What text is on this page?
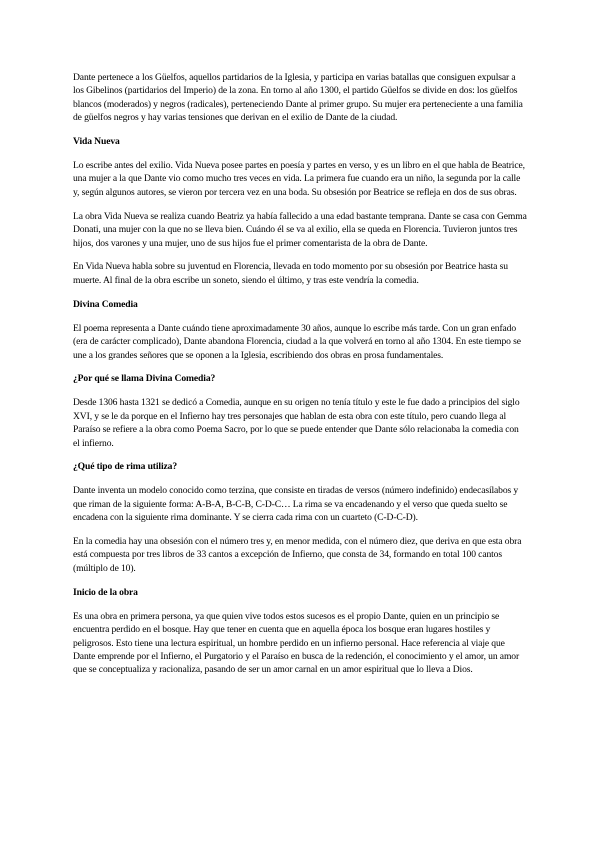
Dante pertenece a los Güelfos, aquellos partidarios de la Iglesia, y participa en varias batallas que consiguen expulsar a los Gibelinos (partidarios del Imperio) de la zona. En torno al año 1300, el partido Güelfos se divide en dos: los güelfos blancos (moderados) y negros (radicales), perteneciendo Dante al primer grupo. Su mujer era perteneciente a una familia de güelfos negros y hay varias tensiones que derivan en el exilio de Dante de la ciudad.

Vida Nueva

Lo escribe antes del exilio. Vida Nueva posee partes en poesía y partes en verso, y es un libro en el que habla de Beatrice, una mujer a la que Dante vio como mucho tres veces en vida. La primera fue cuando era un niño, la segunda por la calle y, según algunos autores, se vieron por tercera vez en una boda. Su obsesión por Beatrice se refleja en dos de sus obras.

La obra Vida Nueva se realiza cuando Beatriz ya había fallecido a una edad bastante temprana. Dante se casa con Gemma Donati, una mujer con la que no se lleva bien. Cuándo él se va al exilio, ella se queda en Florencia. Tuvieron juntos tres hijos, dos varones y una mujer, uno de sus hijos fue el primer comentarista de la obra de Dante.

En Vida Nueva habla sobre su juventud en Florencia, llevada en todo momento por su obsesión por Beatrice hasta su muerte. Al final de la obra escribe un soneto, siendo el último, y tras este vendría la comedia.

Divina Comedia

El poema representa a Dante cuándo tiene aproximadamente 30 años, aunque lo escribe más tarde. Con un gran enfado (era de carácter complicado), Dante abandona Florencia, ciudad a la que volverá en torno al año 1304. En este tiempo se une a los grandes señores que se oponen a la Iglesia, escribiendo dos obras en prosa fundamentales.

¿Por qué se llama Divina Comedia?

Desde 1306 hasta 1321 se dedicó a Comedia, aunque en su origen no tenía título y este le fue dado a principios del siglo XVI, y se le da porque en el Infierno hay tres personajes que hablan de esta obra con este título, pero cuando llega al Paraíso se refiere a la obra como Poema Sacro, por lo que se puede entender que Dante sólo relacionaba la comedia con el infierno.

¿Qué tipo de rima utiliza?

Dante inventa un modelo conocido como terzina, que consiste en tiradas de versos (número indefinido) endecasílabos y que riman de la siguiente forma: A-B-A, B-C-B, C-D-C… La rima se va encadenando y el verso que queda suelto se encadena con la siguiente rima dominante. Y se cierra cada rima con un cuarteto (C-D-C-D).

En la comedia hay una obsesión con el número tres y, en menor medida, con el número diez, que deriva en que esta obra está compuesta por tres libros de 33 cantos a excepción de Infierno, que consta de 34, formando en total 100 cantos (múltiplo de 10).

Inicio de la obra

Es una obra en primera persona, ya que quien vive todos estos sucesos es el propio Dante, quien en un principio se encuentra perdido en el bosque. Hay que tener en cuenta que en aquella época los bosque eran lugares hostiles y peligrosos. Esto tiene una lectura espiritual, un hombre perdido en un infierno personal. Hace referencia al viaje que Dante emprende por el Infierno, el Purgatorio y el Paraíso en busca de la redención, el conocimiento y el amor, un amor que se conceptualiza y racionaliza, pasando de ser un amor carnal en un amor espiritual que lo lleva a Dios.
